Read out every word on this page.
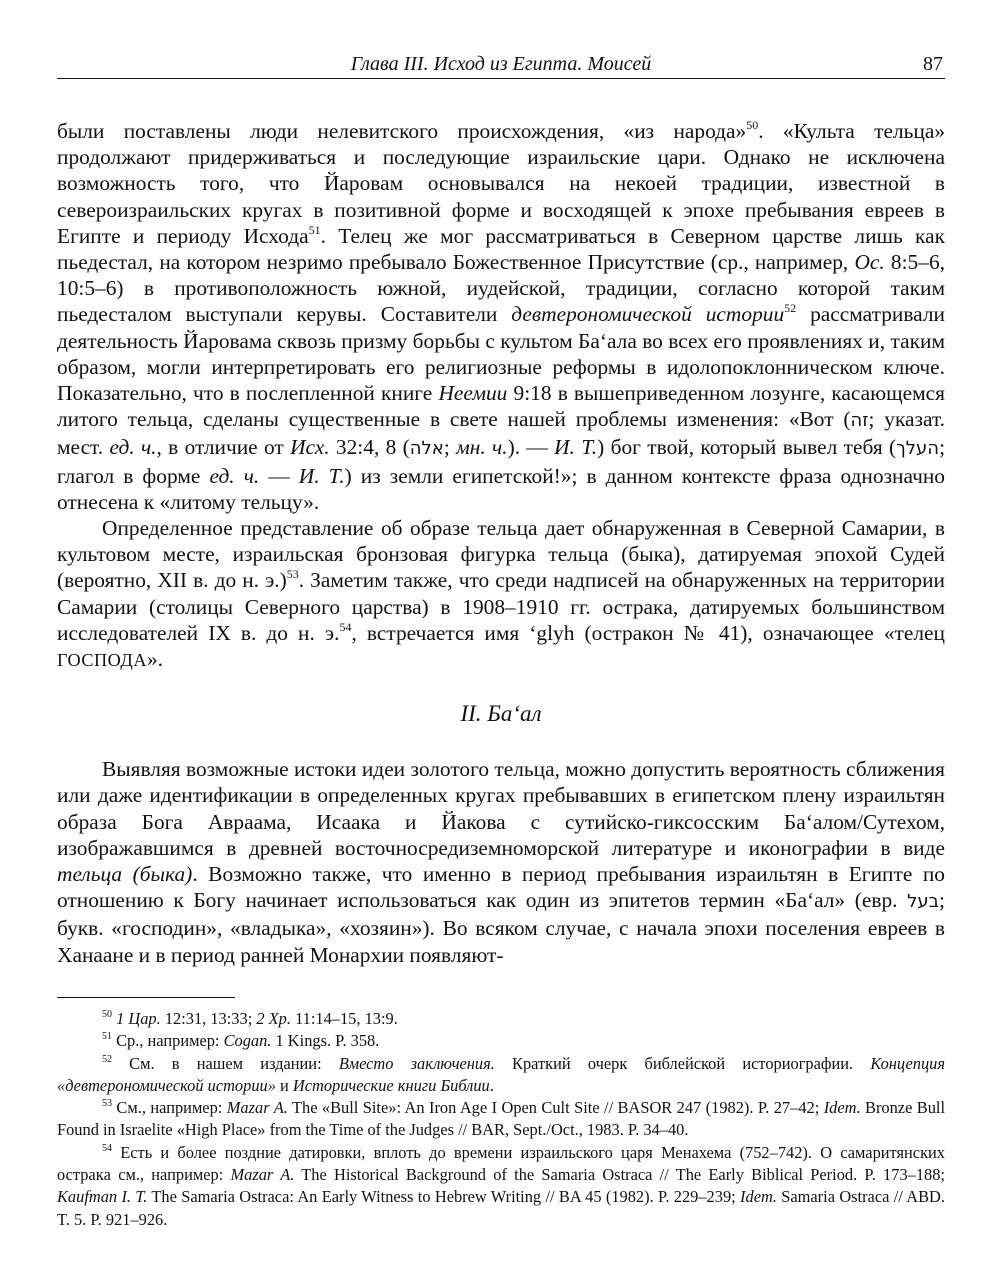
Глава III. Исход из Египта. Моисей	87

были поставлены люди нелевитского происхождения, «из народа»$^{50}$. «Культа тельца» продолжают придерживаться и последующие израильские цари. Однако не исключена возможность того, что Йаровам основывался на некоей традиции, известной в североизраильских кругах в позитивной форме и восходящей к эпохе пребывания евреев в Египте и периоду Исхода$^{51}$. Телец же мог рассматриваться в Северном царстве лишь как пьедестал, на котором незримо пребывало Божественное Присутствие (ср., например, Ос. 8:5–6, 10:5–6) в противоположность южной, иудейской, традиции, согласно которой таким пьедесталом выступали керувы. Составители девтерономической истории$^{52}$ рассматривали деятельность Йаровама сквозь призму борьбы с культом Ба‘ала во всех его проявлениях и, таким образом, могли интерпретировать его религиозные реформы в идолопоклонническом ключе. Показательно, что в послепленной книге Неемии 9:18 в вышеприведенном лозунге, касающемся литого тельца, сделаны существенные в свете нашей проблемы изменения: «Вот (זה; указат. мест. ед. ч., в отличие от Исх. 32:4, 8 (אלה; мн. ч.). — И. Т.) бог твой, который вывел тебя (העלך; глагол в форме ед. ч. — И. Т.) из земли египетской!»; в данном контексте фраза однозначно отнесена к «литому тельцу».

Определенное представление об образе тельца дает обнаруженная в Северной Самарии, в культовом месте, израильская бронзовая фигурка тельца (быка), датируемая эпохой Судей (вероятно, XII в. до н. э.)$^{53}$. Заметим также, что среди надписей на обнаруженных на территории Самарии (столицы Северного царства) в 1908–1910 гг. остракa, датируемых большинством исследователей IX в. до н. э.$^{54}$, встречается имя ‘glyh (остракон № 41), означающее «телец ГОСПОДА».

II. Ба‘ал

Выявляя возможные истоки идеи золотого тельца, можно допустить вероятность сближения или даже идентификации в определенных кругах пребывавших в египетском плену израильтян образа Бога Авраама, Исаака и Йакова с сутийско-гиксосским Ба‘алом/Сутехом, изображавшимся в древней восточносредиземноморской литературе и иконографии в виде тельца (быка). Возможно также, что именно в период пребывания израильтян в Египте по отношению к Богу начинает использоваться как один из эпитетов термин «Ба‘ал» (евр. בעל; букв. «господин», «владыка», «хозяин»). Во всяком случае, с начала эпохи поселения евреев в Ханаане и в период ранней Монархии появляют-

$^{50}$ 1 Цар. 12:31, 13:33; 2 Хр. 11:14–15, 13:9.

$^{51}$ Ср., например: Cogan. 1 Kings. P. 358.

$^{52}$ См. в нашем издании: Вместо заключения. Краткий очерк библейской историографии. Концепция «девтерономической истории» и Исторические книги Библии.

$^{53}$ См., например: Mazar A. The «Bull Site»: An Iron Age I Open Cult Site // BASOR 247 (1982). P. 27–42; Idem. Bronze Bull Found in Israelite «High Place» from the Time of the Judges // BAR, Sept./Oct., 1983. P. 34–40.

$^{54}$ Есть и более поздние датировки, вплоть до времени израильского царя Менахема (752–742). О самаритянских остракa см., например: Mazar A. The Historical Background of the Samaria Ostraca // The Early Biblical Period. P. 173–188; Kaufman I. T. The Samaria Ostraca: An Early Witness to Hebrew Writing // BA 45 (1982). P. 229–239; Idem. Samaria Ostraca // ABD. T. 5. P. 921–926.
